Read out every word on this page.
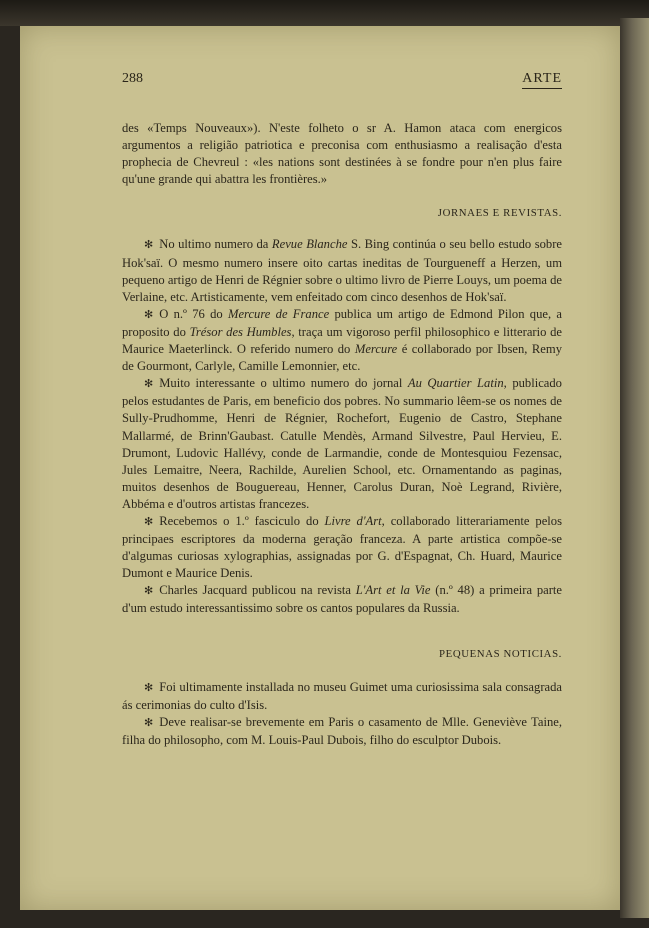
288	ARTE

des «Temps Nouveaux»). N'este folheto o sr A. Hamon ataca com energicos argumentos a religião patriotica e preconisa com enthusiasmo a realisação d'esta prophecia de Chevreul : «les nations sont destinées à se fondre pour n'en plus faire qu'une grande qui abattra les frontières.»

JORNAES E REVISTAS.

✻ No ultimo numero da Revue Blanche S. Bing continúa o seu bello estudo sobre Hok'saï. O mesmo numero insere oito cartas ineditas de Tourgueneff a Herzen, um pequeno artigo de Henri de Régnier sobre o ultimo livro de Pierre Louys, um poema de Verlaine, etc. Artisticamente, vem enfeitado com cinco desenhos de Hok'saï.

✻ O n.º 76 do Mercure de France publica um artigo de Edmond Pilon que, a proposito do Trésor des Humbles, traça um vigoroso perfil philosophico e litterario de Maurice Maeterlinck. O referido numero do Mercure é collaborado por Ibsen, Remy de Gourmont, Carlyle, Camille Lemonnier, etc.

✻ Muito interessante o ultimo numero do jornal Au Quartier Latin, publicado pelos estudantes de Paris, em beneficio dos pobres. No summario lêem-se os nomes de Sully-Prudhomme, Henri de Régnier, Rochefort, Eugenio de Castro, Stephane Mallarmé, de Brinn'Gaubast. Catulle Mendès, Armand Silvestre, Paul Hervieu, E. Drumont, Ludovic Hallévy, conde de Larmandie, conde de Montesquiou Fezensac, Jules Lemaitre, Neera, Rachilde, Aurelien School, etc. Ornamentando as paginas, muitos desenhos de Bouguereau, Henner, Carolus Duran, Noè Legrand, Rivière, Abbéma e d'outros artistas francezes.

✻ Recebemos o 1.º fasciculo do Livre d'Art, collaborado litterariamente pelos principaes escriptores da moderna geração franceza. A parte artistica compõe-se d'algumas curiosas xylographias, assignadas por G. d'Espagnat, Ch. Huard, Maurice Dumont e Maurice Denis.

✻ Charles Jacquard publicou na revista L'Art et la Vie (n.º 48) a primeira parte d'um estudo interessantissimo sobre os cantos populares da Russia.

PEQUENAS NOTICIAS.

✻ Foi ultimamente installada no museu Guimet uma curiosissima sala consagrada ás cerimonias do culto d'Isis.

✻ Deve realisar-se brevemente em Paris o casamento de Mlle. Geneviève Taine, filha do philosopho, com M. Louis-Paul Dubois, filho do esculptor Dubois.
